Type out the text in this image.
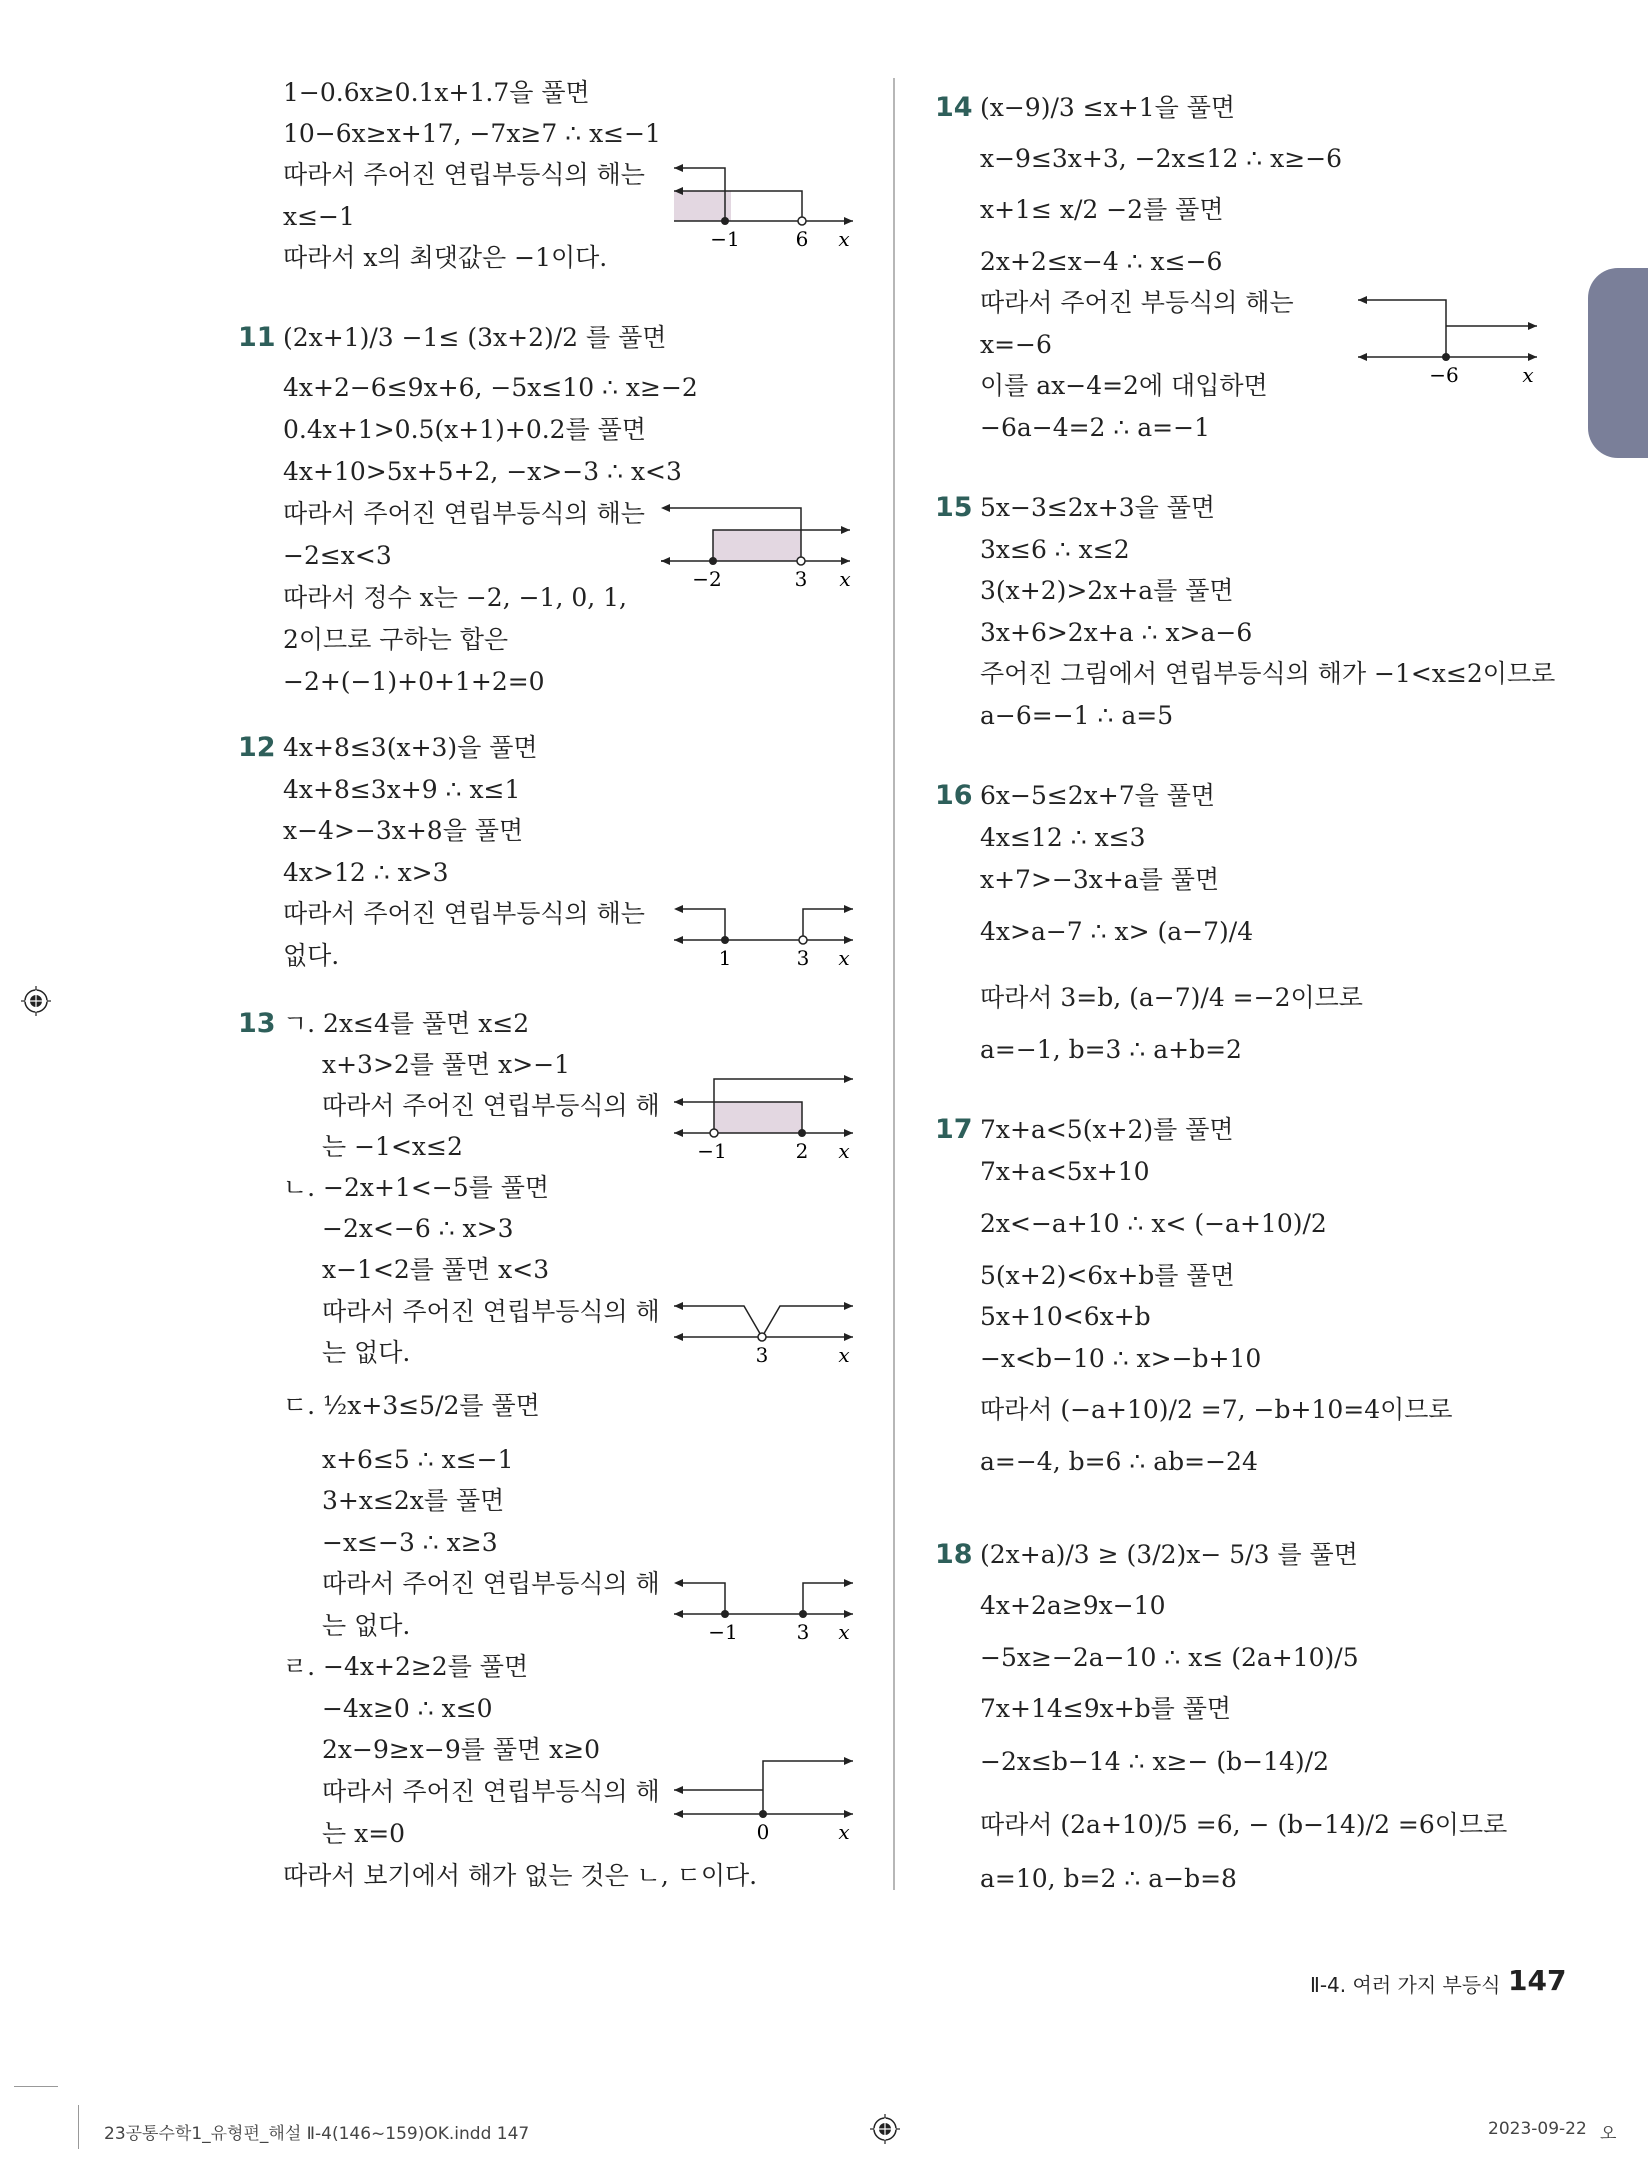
1−0.6x≥0.1x+1.7을 풀면
10−6x≥x+17, −7x≥7 ∴ x≤−1
따라서 주어진 연립부등식의 해는
x≤−1
따라서 x의 최댓값은 −1이다.
−1	6 x
11 (2x+1)/3 −1≤ (3x+2)/2 를 풀면
4x+2−6≤9x+6, −5x≤10 ∴ x≥−2
0.4x+1>0.5(x+1)+0.2를 풀면
4x+10>5x+5+2, −x>−3 ∴ x<3
따라서 주어진 연립부등식의 해는
−2≤x<3
따라서 정수 x는 −2, −1, 0, 1,
2이므로 구하는 합은
−2+(−1)+0+1+2=0
−2	3 x
12 4x+8≤3(x+3)을 풀면
4x+8≤3x+9 ∴ x≤1
x−4>−3x+8을 풀면
4x>12 ∴ x>3
따라서 주어진 연립부등식의 해는
없다.	1	3 x
13 ㄱ. 2x≤4를 풀면 x≤2
x+3>2를 풀면 x>−1
따라서 주어진 연립부등식의 해
는 −1<x≤2
ㄴ. −2x+1<−5를 풀면
−2x<−6 ∴ x>3
x−1<2를 풀면 x<3
따라서 주어진 연립부등식의 해
는 없다.
ㄷ. ½x+3≤5/2를 풀면
x+6≤5 ∴ x≤−1
3+x≤2x를 풀면
−x≤−3 ∴ x≥3
따라서 주어진 연립부등식의 해
는 없다.
ㄹ. −4x+2≥2를 풀면
−4x≥0 ∴ x≤0
2x−9≥x−9를 풀면 x≥0
따라서 주어진 연립부등식의 해
는 x=0
따라서 보기에서 해가 없는 것은 ㄴ, ㄷ이다.
−1	2 x
3	x
−1	3 x
0	x
14 (x−9)/3 ≤x+1을 풀면
x−9≤3x+3, −2x≤12 ∴ x≥−6
x+1≤ x/2 −2를 풀면
2x+2≤x−4 ∴ x≤−6
따라서 주어진 부등식의 해는
x=−6
이를 ax−4=2에 대입하면
−6a−4=2 ∴ a=−1
−6	x
15 5x−3≤2x+3을 풀면
3x≤6 ∴ x≤2
3(x+2)>2x+a를 풀면
3x+6>2x+a ∴ x>a−6
주어진 그림에서 연립부등식의 해가 −1<x≤2이므로
a−6=−1 ∴ a=5
16 6x−5≤2x+7을 풀면
4x≤12 ∴ x≤3
x+7>−3x+a를 풀면
4x>a−7 ∴ x> (a−7)/4
따라서 3=b, (a−7)/4 =−2이므로
a=−1, b=3 ∴ a+b=2
17 7x+a<5(x+2)를 풀면
7x+a<5x+10
2x<−a+10 ∴ x< (−a+10)/2
5(x+2)<6x+b를 풀면
5x+10<6x+b
−x<b−10 ∴ x>−b+10
따라서 (−a+10)/2 =7, −b+10=4이므로
a=−4, b=6 ∴ ab=−24
18 (2x+a)/3 ≥ (3/2)x− 5/3 를 풀면
4x+2a≥9x−10
−5x≥−2a−10 ∴ x≤ (2a+10)/5
7x+14≤9x+b를 풀면
−2x≤b−14 ∴ x≥− (b−14)/2
따라서 (2a+10)/5 =6, − (b−14)/2 =6이므로
a=10, b=2 ∴ a−b=8
Ⅱ-4. 여러 가지 부등식 147
23공통수학1_유형편_해설 Ⅱ-4(146~159)OK.indd 147	2023-09-22 오
